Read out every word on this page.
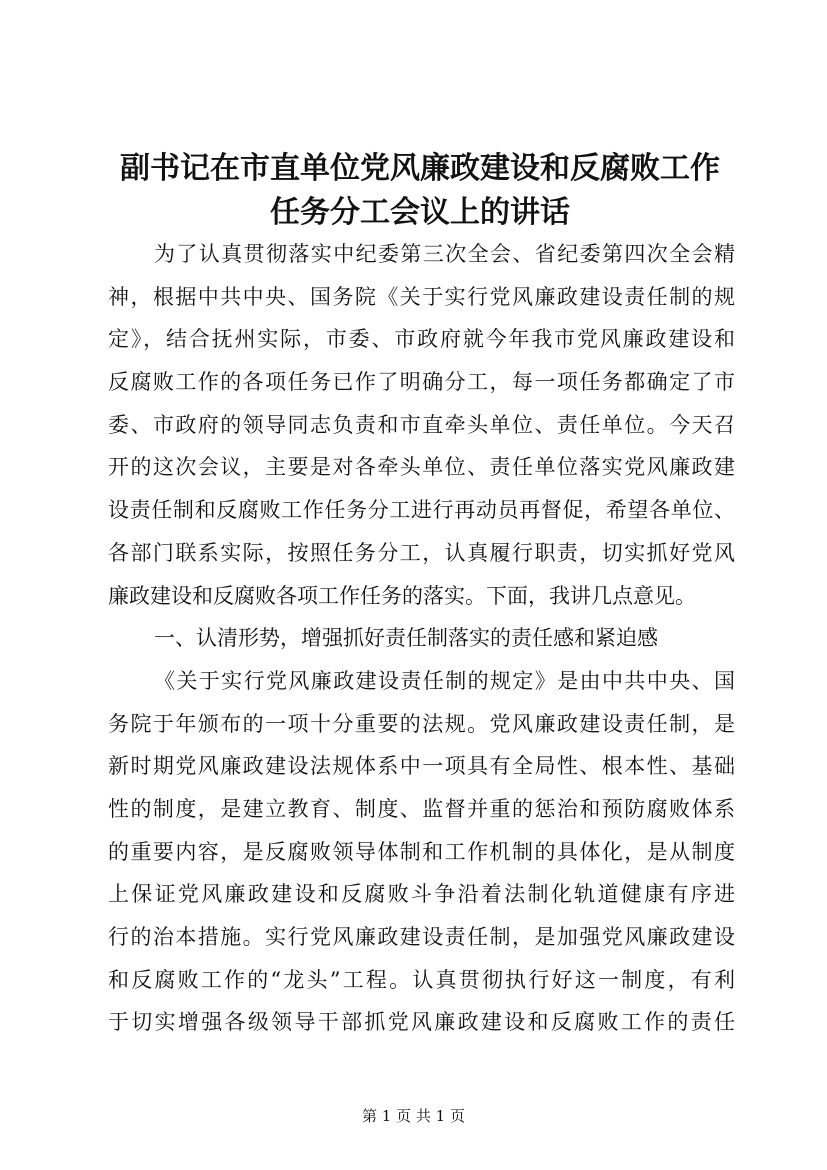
副书记在市直单位党风廉政建设和反腐败工作
任务分工会议上的讲话
为了认真贯彻落实中纪委第三次全会、省纪委第四次全会精
神，根据中共中央、国务院《关于实行党风廉政建设责任制的规
定》，结合抚州实际，市委、市政府就今年我市党风廉政建设和
反腐败工作的各项任务已作了明确分工，每一项任务都确定了市
委、市政府的领导同志负责和市直牵头单位、责任单位。今天召
开的这次会议，主要是对各牵头单位、责任单位落实党风廉政建
设责任制和反腐败工作任务分工进行再动员再督促，希望各单位、
各部门联系实际，按照任务分工，认真履行职责，切实抓好党风
廉政建设和反腐败各项工作任务的落实。下面，我讲几点意见。
一、认清形势，增强抓好责任制落实的责任感和紧迫感
《关于实行党风廉政建设责任制的规定》是由中共中央、国
务院于年颁布的一项十分重要的法规。党风廉政建设责任制，是
新时期党风廉政建设法规体系中一项具有全局性、根本性、基础
性的制度，是建立教育、制度、监督并重的惩治和预防腐败体系
的重要内容，是反腐败领导体制和工作机制的具体化，是从制度
上保证党风廉政建设和反腐败斗争沿着法制化轨道健康有序进
行的治本措施。实行党风廉政建设责任制，是加强党风廉政建设
和反腐败工作的“龙头”工程。认真贯彻执行好这一制度，有利
于切实增强各级领导干部抓党风廉政建设和反腐败工作的责任
第 1 页 共 1 页
